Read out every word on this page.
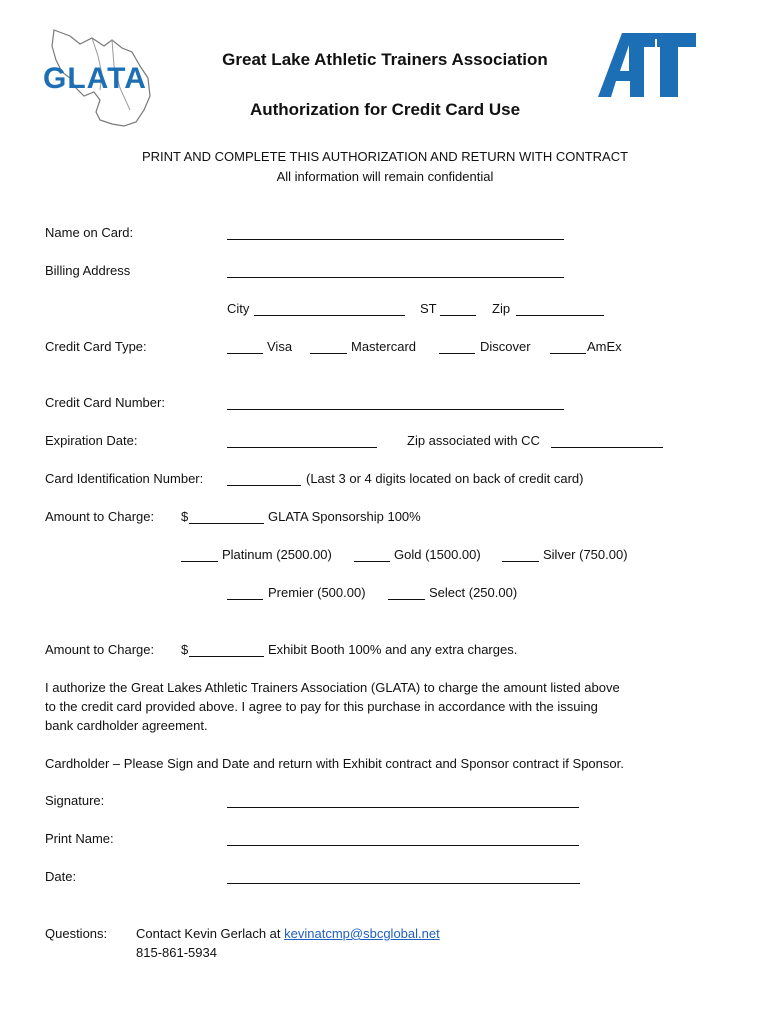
GLATA
Great Lake Athletic Trainers Association
Authorization for Credit Card Use
PRINT AND COMPLETE THIS AUTHORIZATION AND RETURN WITH CONTRACT
All information will remain confidential
Name on Card:
Billing Address
City	ST	Zip
Credit Card Type:	Visa	Mastercard	Discover	AmEx
Credit Card Number:
Expiration Date:	Zip associated with CC
Card Identification Number:	(Last 3 or 4 digits located on back of credit card)
Amount to Charge: $	GLATA Sponsorship 100%
Platinum (2500.00)	Gold (1500.00)	Silver (750.00)
Premier (500.00)	Select (250.00)
Amount to Charge: $	Exhibit Booth 100% and any extra charges.
I authorize the Great Lakes Athletic Trainers Association (GLATA) to charge the amount listed above
to the credit card provided above. I agree to pay for this purchase in accordance with the issuing
bank cardholder agreement.
Cardholder – Please Sign and Date and return with Exhibit contract and Sponsor contract if Sponsor.
Signature:
Print Name:
Date:
Questions: Contact Kevin Gerlach at kevinatcmp@sbcglobal.net
815-861-5934
